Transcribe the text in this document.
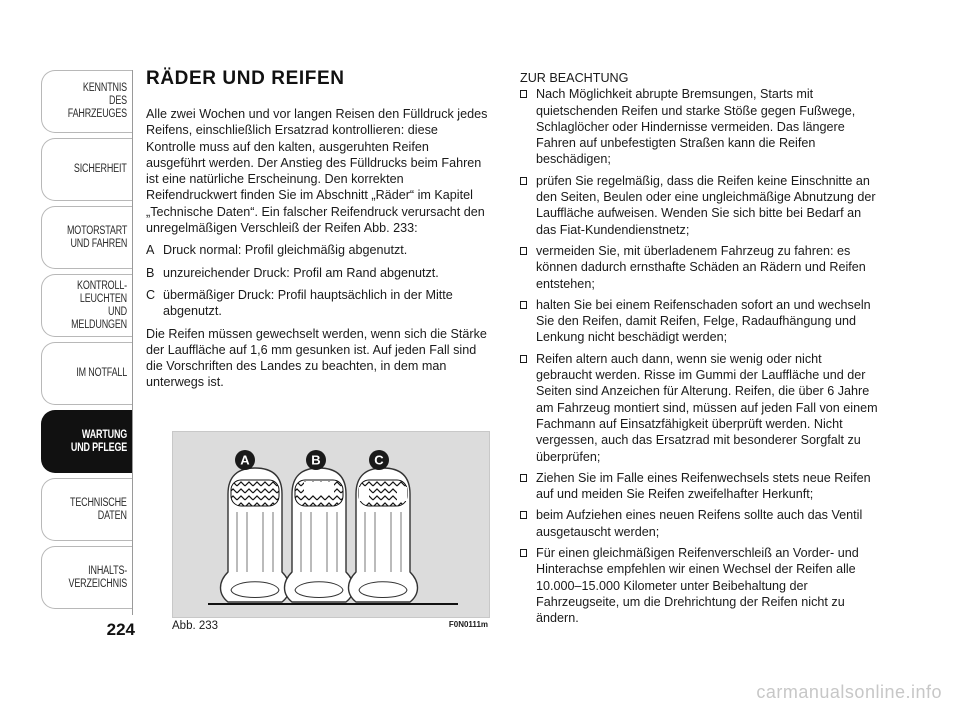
KENNTNIS
DES FAHRZEUGES
SICHERHEIT
MOTORSTART
UND FAHREN
KONTROLL-
LEUCHTEN
UND MELDUNGEN
IM NOTFALL
WARTUNG
UND PFLEGE
TECHNISCHE
DATEN
INHALTS-
VERZEICHNIS
224
RÄDER UND REIFEN

Alle zwei Wochen und vor langen Reisen den Fülldruck jedes Reifens, einschließlich Ersatzrad kontrollieren: diese Kontrolle muss auf den kalten, ausgeruhten Reifen ausgeführt werden. Der Anstieg des Fülldrucks beim Fahren ist eine natürliche Erscheinung. Den korrekten Reifendruckwert finden Sie im Abschnitt „Räder“ im Kapitel „Technische Daten“. Ein falscher Reifendruck verursacht den unregelmäßigen Verschleiß der Reifen Abb. 233:

A Druck normal: Profil gleichmäßig abgenutzt.
B unzureichender Druck: Profil am Rand abgenutzt.
C übermäßiger Druck: Profil hauptsächlich in der Mitte abgenutzt.

Die Reifen müssen gewechselt werden, wenn sich die Stärke der Lauffläche auf 1,6 mm gesunken ist. Auf jeden Fall sind die Vorschriften des Landes zu beachten, in dem man unterwegs ist.

A	B	C
Abb. 233	F0N0111m
ZUR BEACHTUNG
Nach Möglichkeit abrupte Bremsungen, Starts mit quietschenden Reifen und starke Stöße gegen Fußwege, Schlaglöcher oder Hindernisse vermeiden. Das längere Fahren auf unbefestigten Straßen kann die Reifen beschädigen;
prüfen Sie regelmäßig, dass die Reifen keine Einschnitte an den Seiten, Beulen oder eine ungleichmäßige Abnutzung der Lauffläche aufweisen. Wenden Sie sich bitte bei Bedarf an das Fiat-Kundendienstnetz;
vermeiden Sie, mit überladenem Fahrzeug zu fahren: es können dadurch ernsthafte Schäden an Rädern und Reifen entstehen;
halten Sie bei einem Reifenschaden sofort an und wechseln Sie den Reifen, damit Reifen, Felge, Radaufhängung und Lenkung nicht beschädigt werden;
Reifen altern auch dann, wenn sie wenig oder nicht gebraucht werden. Risse im Gummi der Lauffläche und der Seiten sind Anzeichen für Alterung. Reifen, die über 6 Jahre am Fahrzeug montiert sind, müssen auf jeden Fall von einem Fachmann auf Einsatzfähigkeit überprüft werden. Nicht vergessen, auch das Ersatzrad mit besonderer Sorgfalt zu überprüfen;
Ziehen Sie im Falle eines Reifenwechsels stets neue Reifen auf und meiden Sie Reifen zweifelhafter Herkunft;
beim Aufziehen eines neuen Reifens sollte auch das Ventil ausgetauscht werden;
Für einen gleichmäßigen Reifenverschleiß an Vorder- und Hinterachse empfehlen wir einen Wechsel der Reifen alle 10.000–15.000 Kilometer unter Beibehaltung der Fahrzeugseite, um die Drehrichtung der Reifen nicht zu ändern.
carmanualsonline.info
